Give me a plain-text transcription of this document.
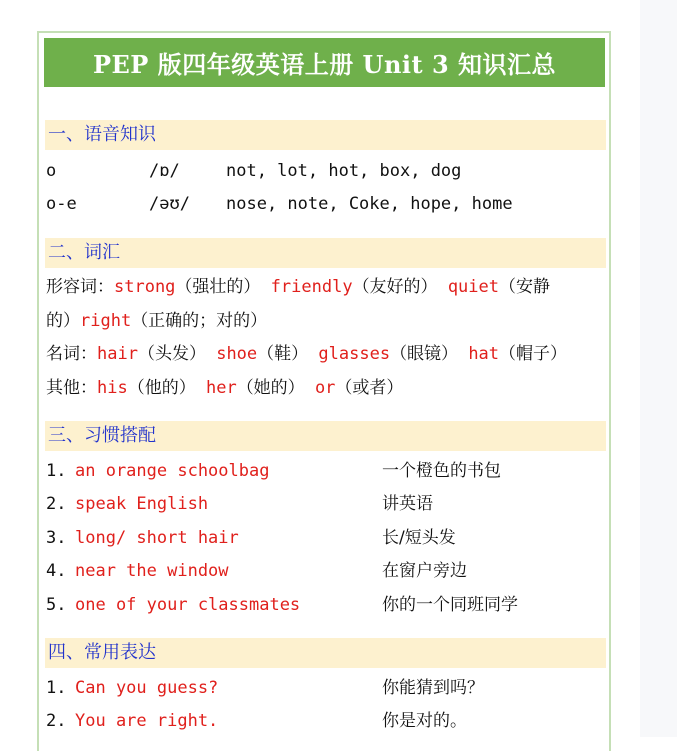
PEP 版四年级英语上册 Unit 3 知识汇总
一、语音知识
o	/ɒ/	not, lot, hot, box, dog
o-e	/əʊ/ nose, note, Coke, hope, home
二、词汇
形容词：strong（强壮的） friendly（友好的） quiet（安静
的）right（正确的；对的）
名词：hair（头发） shoe（鞋） glasses（眼镜） hat（帽子）
其他：his（他的） her（她的） or（或者）
三、习惯搭配
1. an orange schoolbag	一个橙色的书包
2. speak English	讲英语
3. long/ short hair	长/短头发
4. near the window	在窗户旁边
5. one of your classmates	你的一个同班同学
四、常用表达
1. Can you guess?	你能猜到吗？
2. You are right.	你是对的。
